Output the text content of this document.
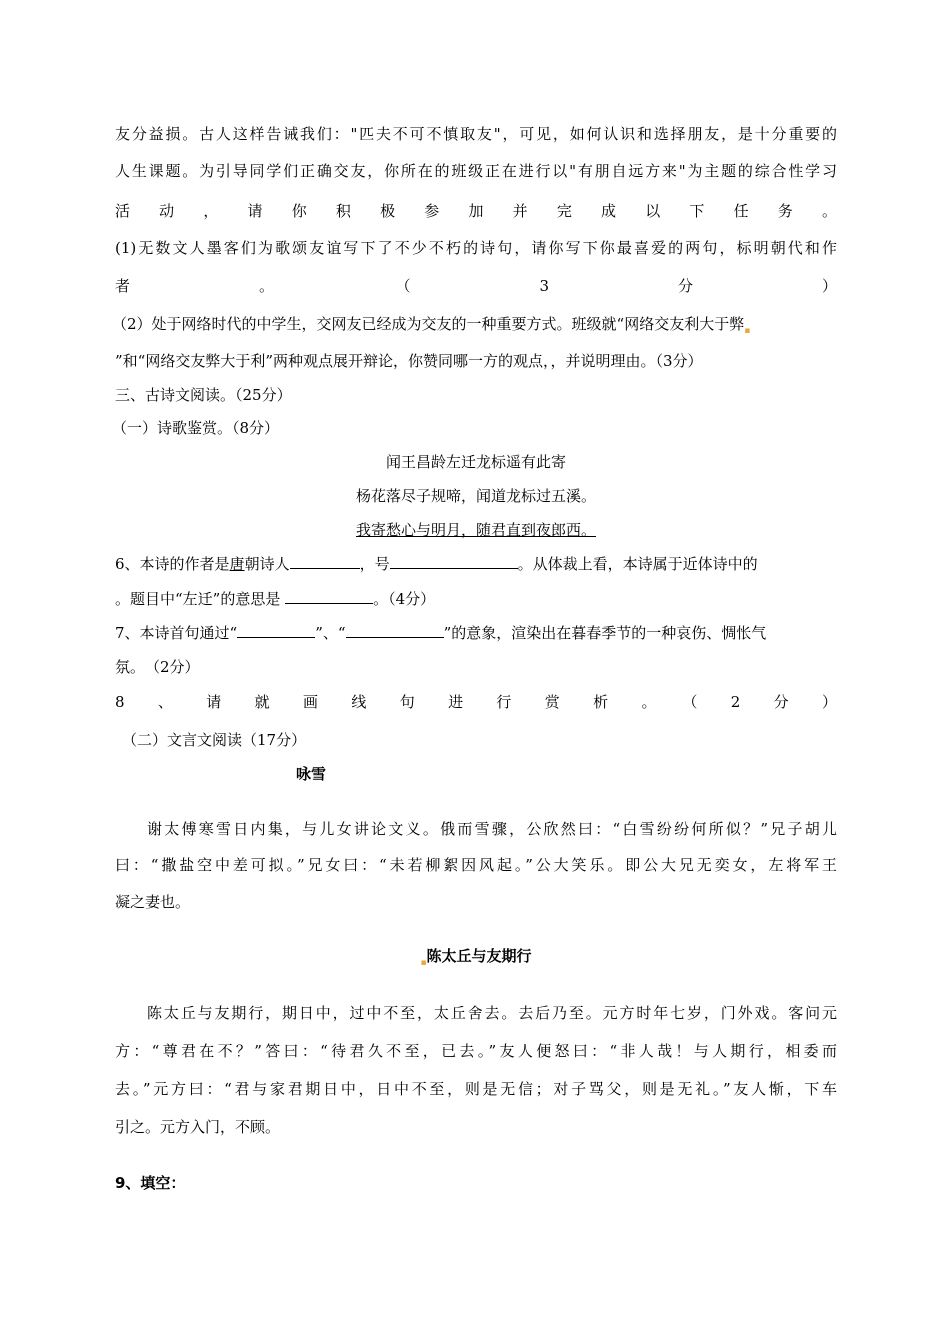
友分益损。古人这样告诫我们："匹夫不可不慎取友"，可见，如何认识和选择朋友，是十分重要的
人生课题。为引导同学们正确交友，你所在的班级正在进行以"有朋自远方来"为主题的综合性学习
活动，请你积极参加并完成以下任务。
(1)无数文人墨客们为歌颂友谊写下了不少不朽的诗句，请你写下你最喜爱的两句，标明朝代和作
者。（3分）
（2）处于网络时代的中学生，交网友已经成为交友的一种重要方式。班级就“网络交友利大于弊$_▪$
”和“网络交友弊大于利”两种观点展开辩论，你赞同哪一方的观点，，并说明理由。（3分）
三、古诗文阅读。（25分）
（一）诗歌鉴赏。（8分）
闻王昌龄左迁龙标遥有此寄
杨花落尽子规啼，闻道龙标过五溪。
我寄愁心与明月，随君直到夜郎西。
6、本诗的作者是唐朝诗人	，号	。从体裁上看，本诗属于近体诗中的
。题目中“左迁”的意思是	。（4分）
7、本诗首句通过“	”、“	”的意象，渲染出在暮春季节的一种哀伤、惆怅气
氛。　（2分）
8、请就画线句进行赏析。（2分）
（二）文言文阅读（17分）
咏雪
谢太傅寒雪日内集，与儿女讲论文义。俄而雪骤，公欣然曰：“白雪纷纷何所似？”兄子胡儿
曰：“撒盐空中差可拟。”兄女曰：“未若柳絮因风起。”公大笑乐。即公大兄无奕女，左将军王
凝之妻也。
$_▪$陈太丘与友期行
陈太丘与友期行，期日中，过中不至，太丘舍去。去后乃至。元方时年七岁，门外戏。客问元
方：“尊君在不？”答曰：“待君久不至，已去。”友人便怒曰：“非人哉！与人期行，相委而
去。”元方曰：“君与家君期日中，日中不至，则是无信；对子骂父，则是无礼。”友人惭，下车
引之。元方入门，不顾。
9、填空：
